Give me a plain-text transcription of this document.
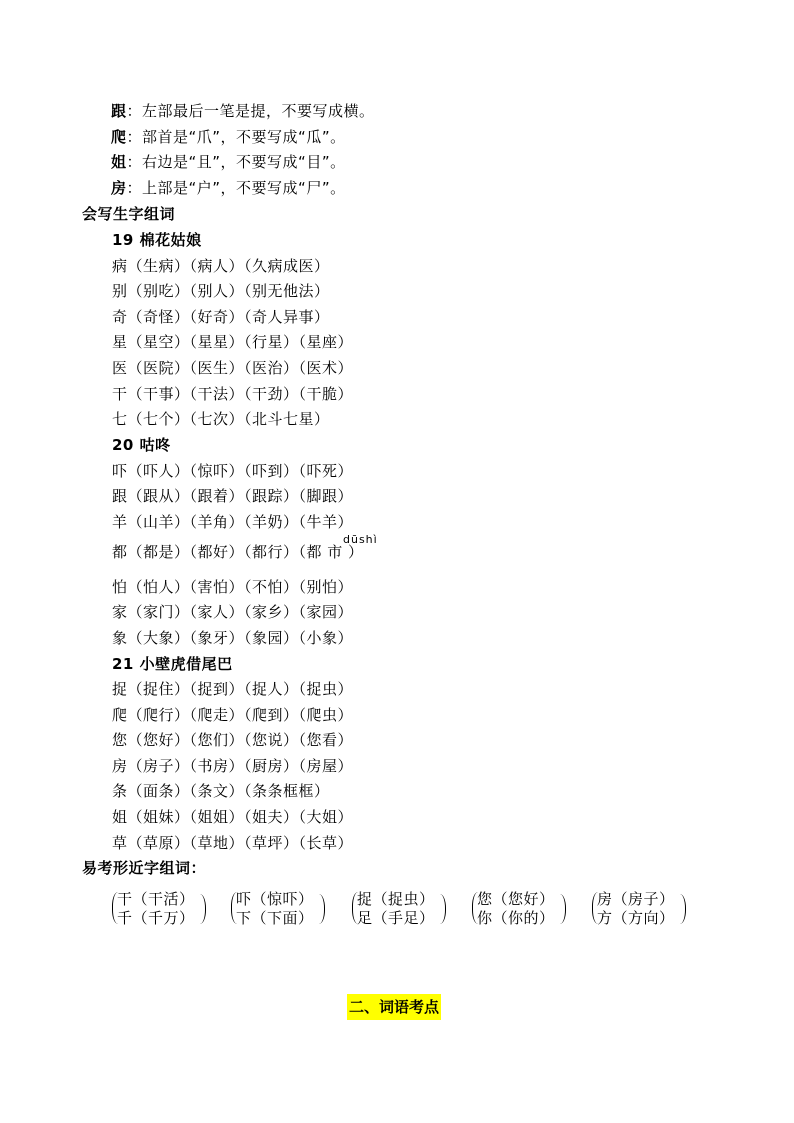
跟：左部最后一笔是提，不要写成横。
爬：部首是“爪”，不要写成“瓜”。
姐：右边是“且”，不要写成“目”。
房：上部是“户”，不要写成“尸”。
会写生字组词
19 棉花姑娘
病（生病）（病人）（久病成医）
别（别吃）（别人）（别无他法）
奇（奇怪）（好奇）（奇人异事）
星（星空）（星星）（行星）（星座）
医（医院）（医生）（医治）（医术）
干（干事）（干法）（干劲）（干脆）
七（七个）（七次）（北斗七星）
20 咕咚
吓（吓人）（惊吓）（吓到）（吓死）
跟（跟从）（跟着）（跟踪）（脚跟）
羊（山羊）（羊角）（羊奶）（牛羊）
dūshì
都（都是）（都好）（都行）（都 市 ）
怕（怕人）（害怕）（不怕）（别怕）
家（家门）（家人）（家乡）（家园）
象（大象）（象牙）（象园）（小象）
21 小壁虎借尾巴
捉（捉住）（捉到）（捉人）（捉虫）
爬（爬行）（爬走）（爬到）（爬虫）
您（您好）（您们）（您说）（您看）
房（房子）（书房）（厨房）（房屋）
条（面条）（条文）（条条框框）
姐（姐妹）（姐姐）（姐夫）（大姐）
草（草原）（草地）（草坪）（长草）
易考形近字组词：
干（干活）
千（千万）
吓（惊吓）
下（下面）
捉（捉虫）
足（手足）
您（您好）
你（你的）
房（房子）
方（方向）
二、词语考点
